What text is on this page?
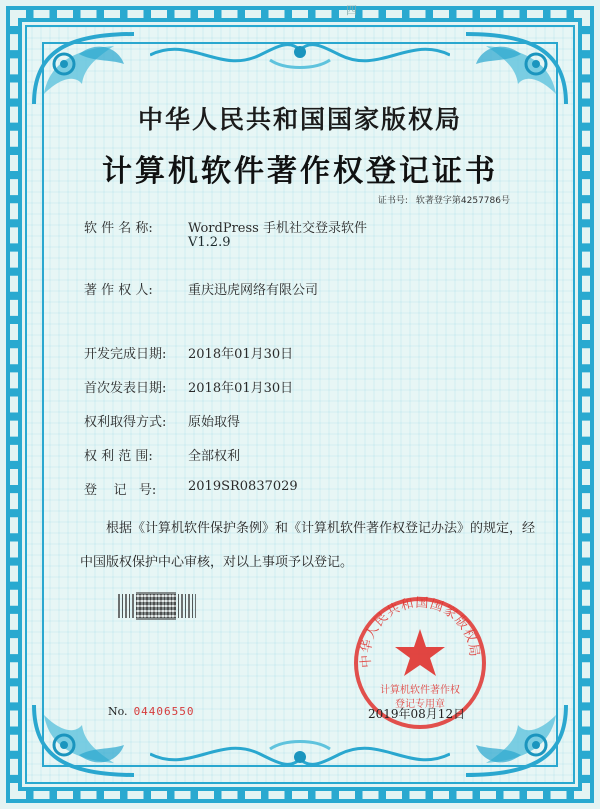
四
中华人民共和国国家版权局
计算机软件著作权登记证书
证书号: 软著登字第4257786号
软 件 名 称:	WordPress 手机社交登录软件
V1.2.9
著 作 权 人:	重庆迅虎网络有限公司
开发完成日期:	2018年01月30日
首次发表日期:	2018年01月30日
权利取得方式:	原始取得
权 利 范 围:	全部权利
登    记   号:	2019SR0837029
根据《计算机软件保护条例》和《计算机软件著作权登记办法》的规定，经中国版权保护中心审核，对以上事项予以登记。
中华人民共和国国家版权局
计算机软件著作权
登记专用章
No. 04406550	2019年08月12日
